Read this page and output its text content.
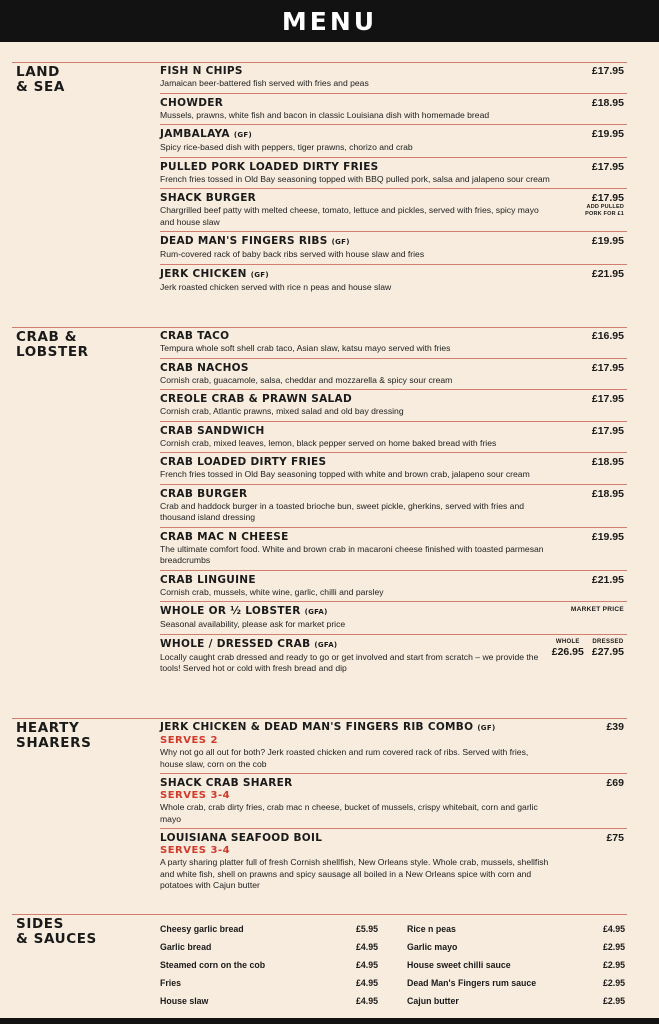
MENU
LAND
& SEA
FISH N CHIPS
Jamaican beer-battered fish served with fries and peas
£17.95
CHOWDER
Mussels, prawns, white fish and bacon in classic Louisiana dish with homemade bread
£18.95
JAMBALAYA (GF)
Spicy rice-based dish with peppers, tiger prawns, chorizo and crab
£19.95
PULLED PORK LOADED DIRTY FRIES
French fries tossed in Old Bay seasoning topped with BBQ pulled pork, salsa and jalapeno sour cream
£17.95
SHACK BURGER
Chargrilled beef patty with melted cheese, tomato, lettuce and pickles, served with fries, spicy mayo and house slaw
£17.95
ADD PULLED
PORK FOR £1
DEAD MAN'S FINGERS RIBS (GF)
Rum-covered rack of baby back ribs served with house slaw and fries
£19.95
JERK CHICKEN (GF)
Jerk roasted chicken served with rice n peas and house slaw
£21.95
CRAB &
LOBSTER
CRAB TACO
Tempura whole soft shell crab taco, Asian slaw, katsu mayo served with fries
£16.95
CRAB NACHOS
Cornish crab, guacamole, salsa, cheddar and mozzarella & spicy sour cream
£17.95
CREOLE CRAB & PRAWN SALAD
Cornish crab, Atlantic prawns, mixed salad and old bay dressing
£17.95
CRAB SANDWICH
Cornish crab, mixed leaves, lemon, black pepper served on home baked bread with fries
£17.95
CRAB LOADED DIRTY FRIES
French fries tossed in Old Bay seasoning topped with white and brown crab, jalapeno sour cream
£18.95
CRAB BURGER
Crab and haddock burger in a toasted brioche bun, sweet pickle, gherkins, served with fries and thousand island dressing
£18.95
CRAB MAC N CHEESE
The ultimate comfort food. White and brown crab in macaroni cheese finished with toasted parmesan breadcrumbs
£19.95
CRAB LINGUINE
Cornish crab, mussels, white wine, garlic, chilli and parsley
£21.95
WHOLE OR ½ LOBSTER (GFA)
Seasonal availability, please ask for market price
MARKET PRICE
WHOLE / DRESSED CRAB (GFA)
Locally caught crab dressed and ready to go or get involved and start from scratch – we provide the tools! Served hot or cold with fresh bread and dip
WHOLE
£26.95
DRESSED
£27.95
HEARTY
SHARERS
JERK CHICKEN & DEAD MAN'S FINGERS RIB COMBO (GF)
SERVES 2
Why not go all out for both? Jerk roasted chicken and rum covered rack of ribs. Served with fries, house slaw, corn on the cob
£39
SHACK CRAB SHARER
SERVES 3-4
Whole crab, crab dirty fries, crab mac n cheese, bucket of mussels, crispy whitebait, corn and garlic mayo
£69
LOUISIANA SEAFOOD BOIL
SERVES 3-4
A party sharing platter full of fresh Cornish shellfish, New Orleans style. Whole crab, mussels, shellfish and white fish, shell on prawns and spicy sausage all boiled in a New Orleans spice with corn and potatoes with Cajun butter
£75
SIDES
& SAUCES
Cheesy garlic bread	£5.95
Garlic bread	£4.95
Steamed corn on the cob	£4.95
Fries	£4.95
House slaw	£4.95
Rice n peas	£4.95
Garlic mayo	£2.95
House sweet chilli sauce	£2.95
Dead Man's Fingers rum sauce	£2.95
Cajun butter	£2.95
